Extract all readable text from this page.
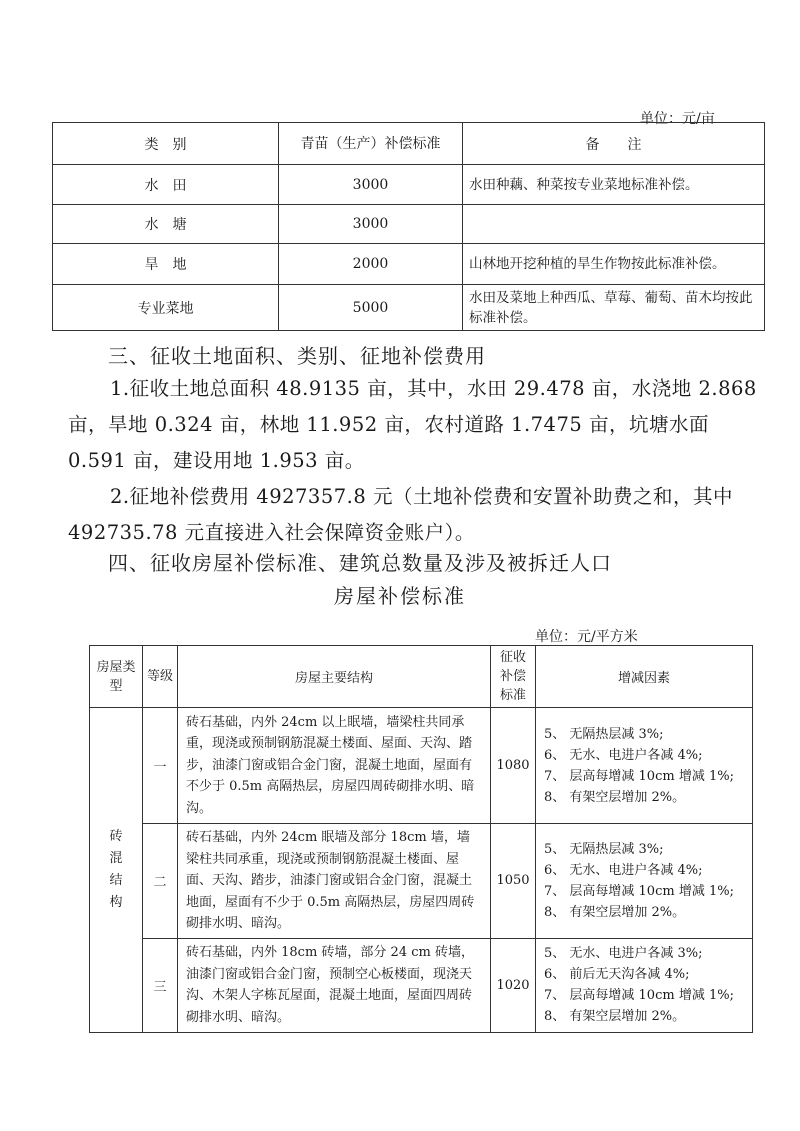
单位：元/亩
类　别	青苗（生产）补偿标准	备　　注
水　田	3000	水田种藕、种菜按专业菜地标准补偿。
水　塘	3000	
旱　地	2000	山林地开挖种植的旱生作物按此标准补偿。
专业菜地	5000	水田及菜地上种西瓜、草莓、葡萄、苗木均按此标准补偿。
三、征收土地面积、类别、征地补偿费用
1.征收土地总面积 48.9135 亩，其中，水田 29.478 亩，水浇地 2.868 亩，旱地 0.324 亩，林地 11.952 亩，农村道路 1.7475 亩，坑塘水面 0.591 亩，建设用地 1.953 亩。
2.征地补偿费用 4927357.8 元（土地补偿费和安置补助费之和，其中 492735.78 元直接进入社会保障资金账户）。
四、征收房屋补偿标准、建筑总数量及涉及被拆迁人口
房屋补偿标准
单位：元/平方米
房屋类型	等级	房屋主要结构	征收补偿标准	增减因素
砖混结构	一	砖石基础，内外 24cm 以上眠墙，墙梁柱共同承重，现浇或预制钢筋混凝土楼面、屋面、天沟、踏步，油漆门窗或铝合金门窗，混凝土地面，屋面有不少于 0.5m 高隔热层，房屋四周砖砌排水明、暗沟。	1080	5、 无隔热层减 3%;
6、 无水、电进户各减 4%;
7、 层高每增减 10cm 增减 1%;
8、 有架空层增加 2%。

	二	砖石基础，内外 24cm 眠墙及部分 18cm 墙，墙梁柱共同承重，现浇或预制钢筋混凝土楼面、屋面、天沟、踏步，油漆门窗或铝合金门窗，混凝土地面，屋面有不少于 0.5m 高隔热层，房屋四周砖砌排水明、暗沟。	1050	5、 无隔热层减 3%;
6、 无水、电进户各减 4%;
7、 层高每增减 10cm 增减 1%;
8、 有架空层增加 2%。

	三	砖石基础，内外 18cm 砖墙，部分 24 cm 砖墙，油漆门窗或铝合金门窗，预制空心板楼面，现浇天沟、木架人字栋瓦屋面，混凝土地面，屋面四周砖砌排水明、暗沟。	1020	5、 无水、电进户各减 3%;
6、 前后无天沟各减 4%;
7、 层高每增减 10cm 增减 1%;
8、 有架空层增加 2%。
